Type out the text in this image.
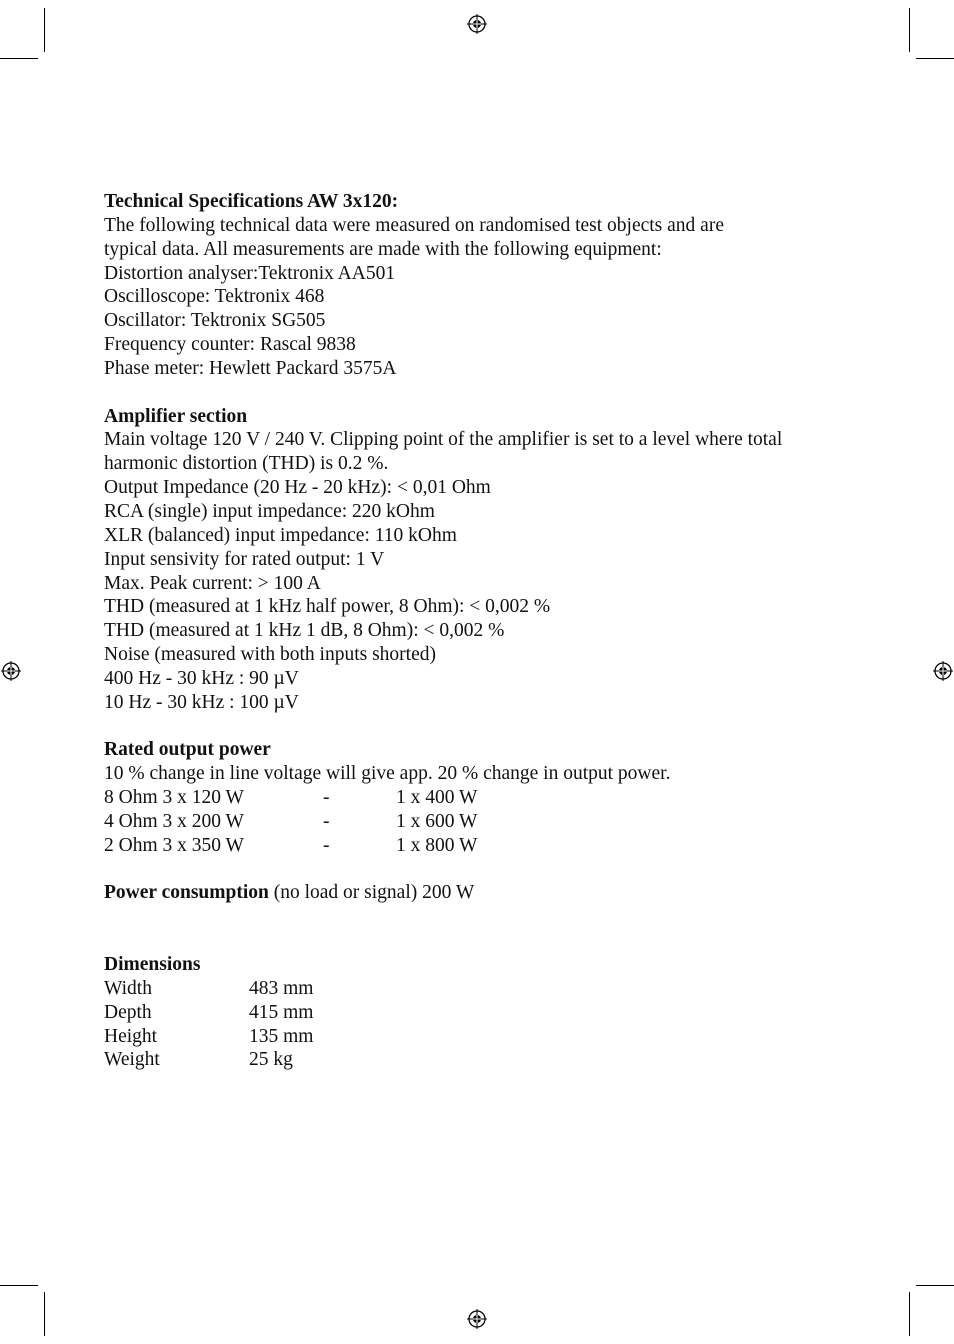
Technical Specifications AW 3x120:
The following technical data were measured on randomised test objects and are
typical data. All measurements are made with the following equipment:
Distortion analyser:Tektronix AA501
Oscilloscope: Tektronix 468
Oscillator: Tektronix SG505
Frequency counter: Rascal 9838
Phase meter: Hewlett Packard 3575A
Amplifier section
Main voltage 120 V / 240 V. Clipping point of the amplifier is set to a level where total
harmonic distortion (THD) is 0.2 %.
Output Impedance (20 Hz - 20 kHz): < 0,01 Ohm
RCA (single) input impedance: 220 kOhm
XLR (balanced) input impedance: 110 kOhm
Input sensivity for rated output: 1 V
Max. Peak current: > 100 A
THD (measured at 1 kHz half power, 8 Ohm): < 0,002 %
THD (measured at 1 kHz 1 dB, 8 Ohm): < 0,002 %
Noise (measured with both inputs shorted)
400 Hz - 30 kHz : 90 µV
10 Hz - 30 kHz : 100 µV
Rated output power
10 % change in line voltage will give app. 20 % change in output power.
8 Ohm 3 x 120 W	-	1 x 400 W
4 Ohm 3 x 200 W	-	1 x 600 W
2 Ohm 3 x 350 W	-	1 x 800 W
Power consumption (no load or signal) 200 W
Dimensions
Width	483 mm
Depth	415 mm
Height	135 mm
Weight	25 kg
